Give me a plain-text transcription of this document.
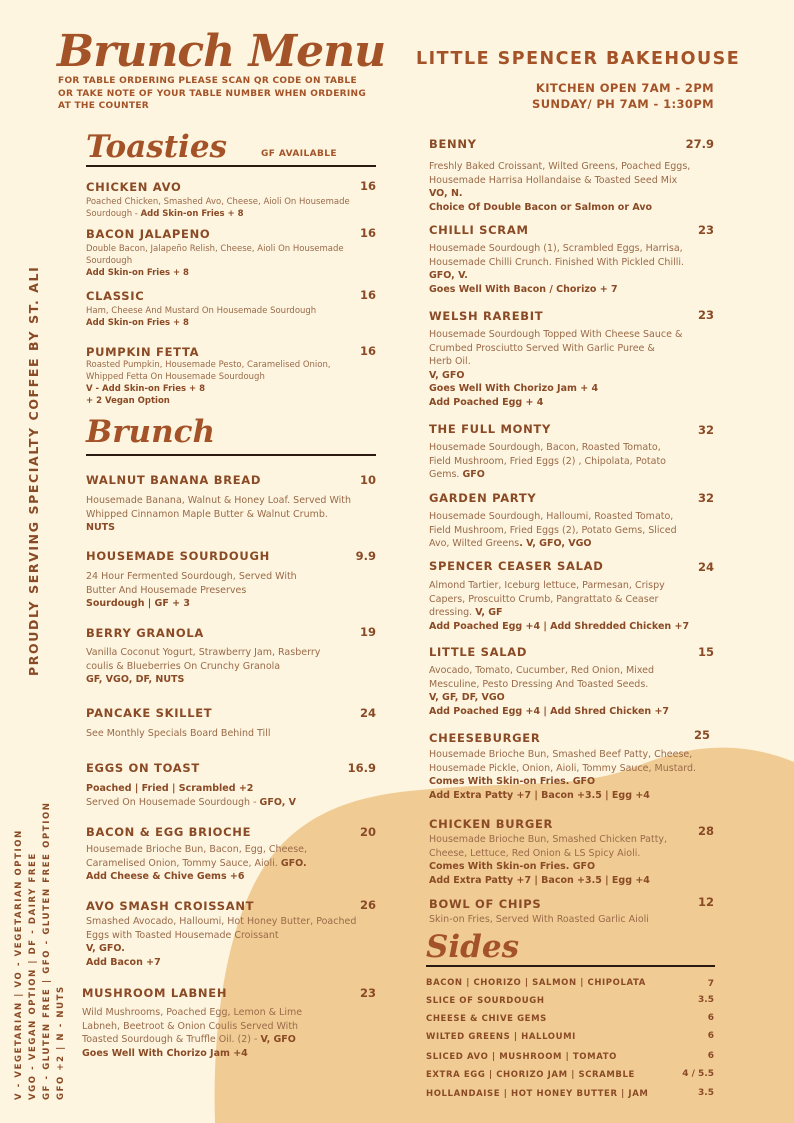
Brunch Menu
FOR TABLE ORDERING PLEASE SCAN QR CODE ON TABLE OR TAKE NOTE OF YOUR TABLE NUMBER WHEN ORDERING AT THE COUNTER
LITTLE SPENCER BAKEHOUSE
KITCHEN OPEN 7AM - 2PM
SUNDAY/ PH 7AM - 1:30PM
PROUDLY SERVING SPECIALTY COFFEE BY ST. ALI
V - VEGETARIAN | VO - VEGETARIAN OPTION VGO - VEGAN OPTION | DF - DAIRY FREE GF - GLUTEN FREE | GFO - GLUTEN FREE OPTION GFO +2 | N - NUTS
Toasties	GF AVAILABLE
CHICKEN AVO	16
Poached Chicken, Smashed Avo, Cheese, Aioli On Housemade
Sourdough - Add Skin-on Fries + 8
BACON JALAPENO	16
Double Bacon, Jalapeño Relish, Cheese, Aioli On Housemade
Sourdough
Add Skin-on Fries + 8
CLASSIC	16
Ham, Cheese And Mustard On Housemade Sourdough
Add Skin-on Fries + 8
PUMPKIN FETTA	16
Roasted Pumpkin, Housemade Pesto, Caramelised Onion,
Whipped Fetta On Housemade Sourdough
V - Add Skin-on Fries + 8
+ 2 Vegan Option
Brunch
WALNUT BANANA BREAD	10
Housemade Banana, Walnut & Honey Loaf. Served With
Whipped Cinnamon Maple Butter & Walnut Crumb.
NUTS
HOUSEMADE SOURDOUGH	9.9
24 Hour Fermented Sourdough, Served With
Butter And Housemade Preserves
Sourdough | GF + 3
BERRY GRANOLA	19
Vanilla Coconut Yogurt, Strawberry Jam, Rasberry
coulis & Blueberries On Crunchy Granola
GF, VGO, DF, NUTS
PANCAKE SKILLET	24
See Monthly Specials Board Behind Till
EGGS ON TOAST	16.9
Poached | Fried | Scrambled +2
Served On Housemade Sourdough - GFO, V
BACON & EGG BRIOCHE	20
Housemade Brioche Bun, Bacon, Egg, Cheese,
Caramelised Onion, Tommy Sauce, Aioli. GFO.
Add Cheese & Chive Gems +6
AVO SMASH CROISSANT	26
Smashed Avocado, Halloumi, Hot Honey Butter, Poached
Eggs with Toasted Housemade Croissant
V, GFO.
Add Bacon +7
MUSHROOM LABNEH	23
Wild Mushrooms, Poached Egg, Lemon & Lime
Labneh, Beetroot & Onion Coulis Served With
Toasted Sourdough & Truffle Oil. (2) - V, GFO
Goes Well With Chorizo Jam +4
BENNY	27.9
Freshly Baked Croissant, Wilted Greens, Poached Eggs,
Housemade Harrisa Hollandaise & Toasted Seed Mix
VO, N.
Choice Of Double Bacon or Salmon or Avo
CHILLI SCRAM	23
Housemade Sourdough (1), Scrambled Eggs, Harrisa,
Housemade Chilli Crunch. Finished With Pickled Chilli.
GFO, V.
Goes Well With Bacon / Chorizo + 7
WELSH RAREBIT	23
Housemade Sourdough Topped With Cheese Sauce &
Crumbed Prosciutto Served With Garlic Puree &
Herb Oil.
V, GFO
Goes Well With Chorizo Jam + 4
Add Poached Egg + 4
THE FULL MONTY	32
Housemade Sourdough, Bacon, Roasted Tomato,
Field Mushroom, Fried Eggs (2) , Chipolata, Potato
Gems. GFO
GARDEN PARTY	32
Housemade Sourdough, Halloumi, Roasted Tomato,
Field Mushroom, Fried Eggs (2), Potato Gems, Sliced
Avo, Wilted Greens. V, GFO, VGO
SPENCER CEASER SALAD	24
Almond Tartier, Iceburg lettuce, Parmesan, Crispy
Capers, Proscuitto Crumb, Pangrattato & Ceaser
dressing. V, GF
Add Poached Egg +4 | Add Shredded Chicken +7
LITTLE SALAD	15
Avocado, Tomato, Cucumber, Red Onion, Mixed
Mesculine, Pesto Dressing And Toasted Seeds.
V, GF, DF, VGO
Add Poached Egg +4 | Add Shred Chicken +7
CHEESEBURGER	25
Housemade Brioche Bun, Smashed Beef Patty, Cheese,
Housemade Pickle, Onion, Aioli, Tommy Sauce, Mustard.
Comes With Skin-on Fries. GFO
Add Extra Patty +7 | Bacon +3.5 | Egg +4
CHICKEN BURGER	28
Housemade Brioche Bun, Smashed Chicken Patty,
Cheese, Lettuce, Red Onion & LS Spicy Aioli.
Comes With Skin-on Fries. GFO
Add Extra Patty +7 | Bacon +3.5 | Egg +4
BOWL OF CHIPS	12
Skin-on Fries, Served With Roasted Garlic Aioli
Sides
BACON | CHORIZO | SALMON | CHIPOLATA	7
SLICE OF SOURDOUGH	3.5
CHEESE & CHIVE GEMS	6
WILTED GREENS | HALLOUMI	6
SLICED AVO | MUSHROOM | TOMATO	6
EXTRA EGG | CHORIZO JAM | SCRAMBLE	4 / 5.5
HOLLANDAISE | HOT HONEY BUTTER | JAM	3.5
